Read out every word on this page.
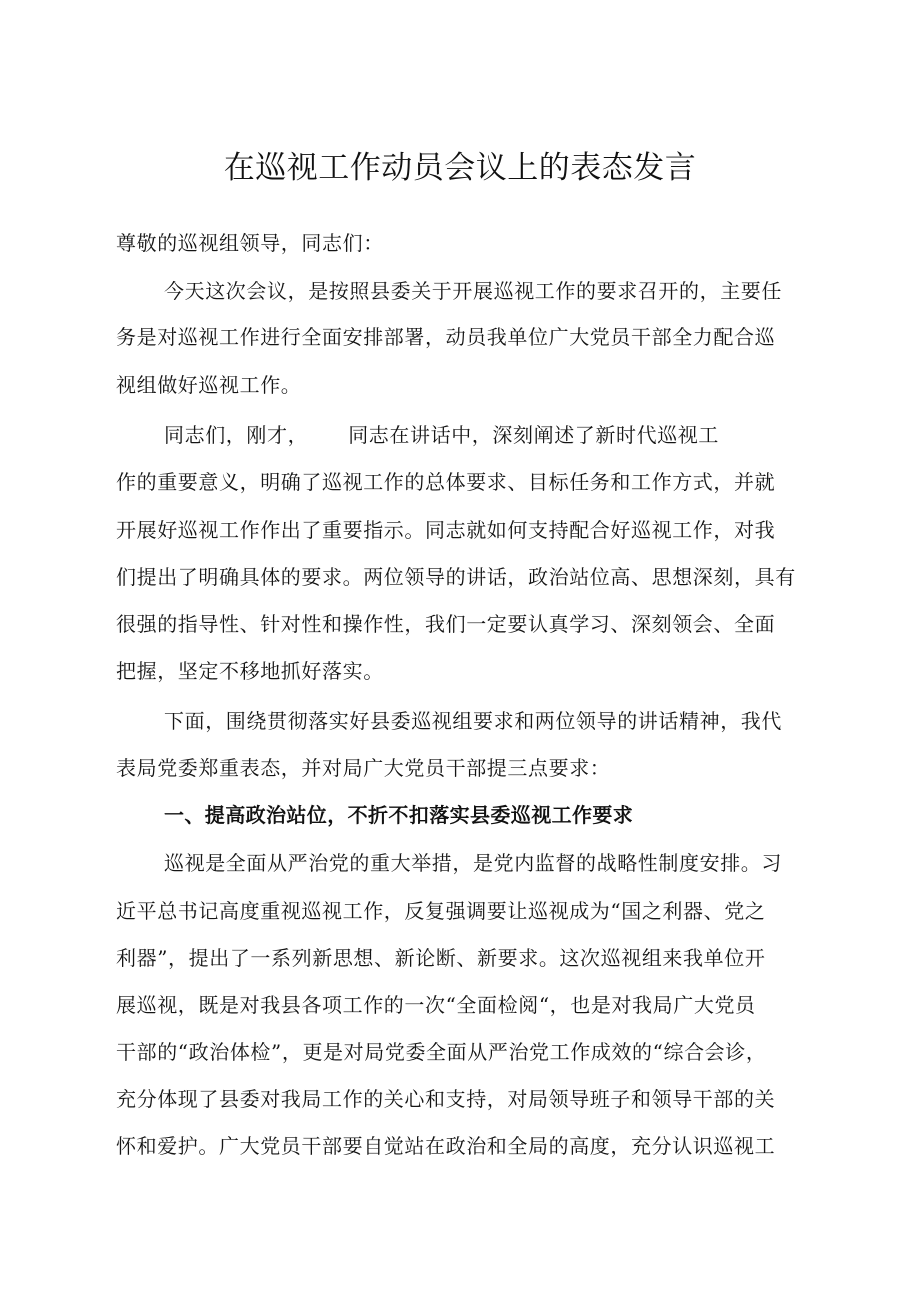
在巡视工作动员会议上的表态发言
尊敬的巡视组领导，同志们：
今天这次会议，是按照县委关于开展巡视工作的要求召开的，主要任
务是对巡视工作进行全面安排部署，动员我单位广大党员干部全力配合巡
视组做好巡视工作。
同志们，刚才， 同志在讲话中，深刻阐述了新时代巡视工
作的重要意义，明确了巡视工作的总体要求、目标任务和工作方式，并就
开展好巡视工作作出了重要指示。同志就如何支持配合好巡视工作，对我
们提出了明确具体的要求。两位领导的讲话，政治站位高、思想深刻，具有
很强的指导性、针对性和操作性，我们一定要认真学习、深刻领会、全面
把握，坚定不移地抓好落实。
下面，围绕贯彻落实好县委巡视组要求和两位领导的讲话精神，我代
表局党委郑重表态，并对局广大党员干部提三点要求：
一、提高政治站位，不折不扣落实县委巡视工作要求
巡视是全面从严治党的重大举措，是党内监督的战略性制度安排。习
近平总书记高度重视巡视工作，反复强调要让巡视成为“国之利器、党之
利器”，提出了一系列新思想、新论断、新要求。这次巡视组来我单位开
展巡视，既是对我县各项工作的一次“全面检阅“，也是对我局广大党员
干部的“政治体检”，更是对局党委全面从严治党工作成效的“综合会诊，
充分体现了县委对我局工作的关心和支持，对局领导班子和领导干部的关
怀和爱护。广大党员干部要自觉站在政治和全局的高度，充分认识巡视工
